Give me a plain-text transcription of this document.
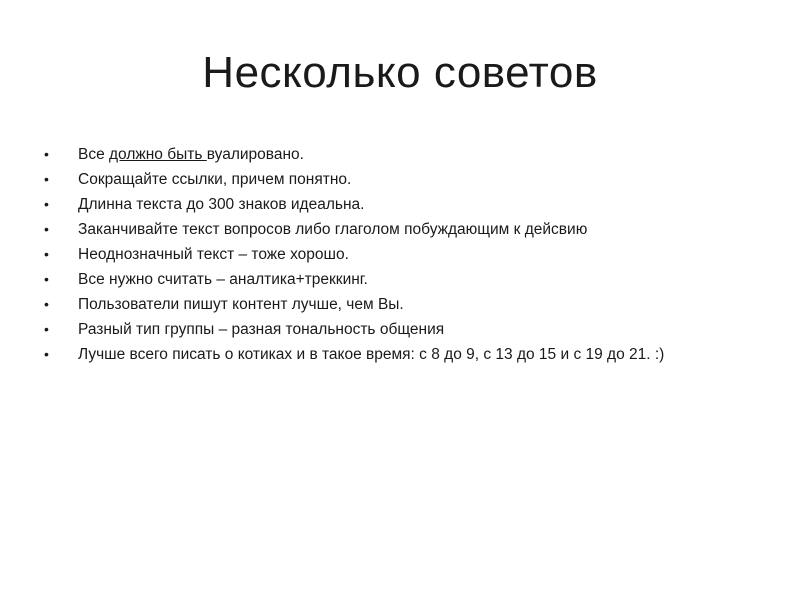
Несколько советов
• Все должно быть вуалировано.
• Сокращайте ссылки, причем понятно.
• Длинна текста до 300 знаков идеальна.
• Заканчивайте текст вопросов либо глаголом побуждающим к дейсвию
• Неоднозначный текст – тоже хорошо.
• Все нужно считать – аналтика+треккинг.
• Пользователи пишут контент лучше, чем Вы.
• Разный тип группы – разная тональность общения
• Лучше всего писать о котиках и в такое время: с 8 до 9, с 13 до 15 и с 19 до 21. :)
